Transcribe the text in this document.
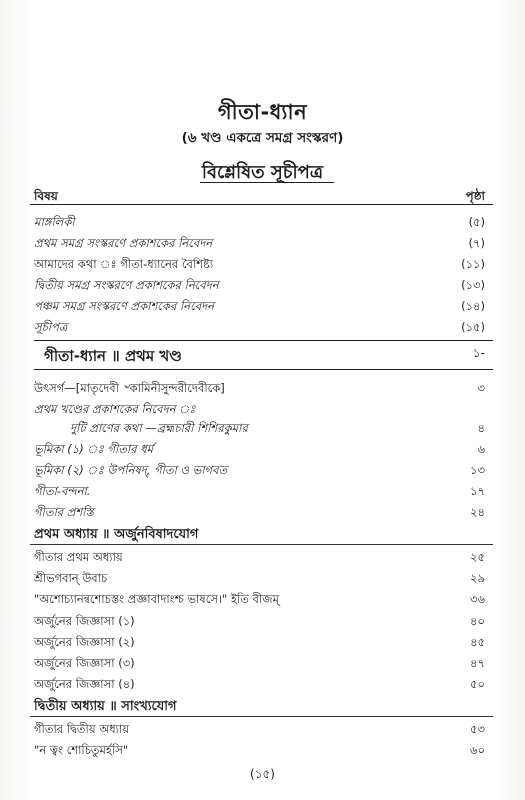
গীতা-ধ্যান
(৬ খণ্ড একত্রে সমগ্র সংস্করণ)
বিশ্লেষিত সূচীপত্র
বিষয়	পৃষ্ঠা
মাঙ্গলিকী	(৫)
প্রথম সমগ্র সংস্করণে প্রকাশকের নিবেদন	(৭)
আমাদের কথা ঃ গীতা-ধ্যানের বৈশিষ্ট্য	(১১)
দ্বিতীয় সমগ্র সংস্করণে প্রকাশকের নিবেদন	(১৩)
পঞ্চম সমগ্র সংস্করণে প্রকাশকের নিবেদন	(১৪)
সূচীপত্র	(১৫)
গীতা-ধ্যান ॥ প্রথম খণ্ড	১-
উৎসর্গ—[মাতৃদেবী ৺কামিনীসুন্দরীদেবীকে]	৩
প্রথম খণ্ডের প্রকাশকের নিবেদন ঃ
দুটি প্রাণের কথা —ব্রহ্মচারী শিশিরকুমার	৪
ভূমিকা (১) ঃ গীতার ধর্ম	৬
ভূমিকা (২) ঃ উপনিষদ্, গীতা ও ভাগবত	১৩
গীতা-বন্দনা.	১৭
গীতার প্রশস্তি	২৪
প্রথম অধ্যায় ॥ অর্জুনবিষাদযোগ
গীতার প্রথম অধ্যায়	২৫
শ্রীভগবান্ উবাচ	২৯
"অশোচ্যানন্বশোচস্তং প্রজ্ঞাবাদাংশ্চ ভাষসে।" ইতি বীজম্	৩৬
অর্জুনের জিজ্ঞাসা (১)	৪০
অর্জুনের জিজ্ঞাসা (২)	৪৫
অর্জুনের জিজ্ঞাসা (৩)	৪৭
অর্জুনের জিজ্ঞাসা (৪)	৫০
দ্বিতীয় অধ্যায় ॥ সাংখ্যযোগ
গীতার দ্বিতীয় অধ্যায়	৫৩
"ন ত্বং শোচিতুমর্হসি"	৬০
(১৫)
